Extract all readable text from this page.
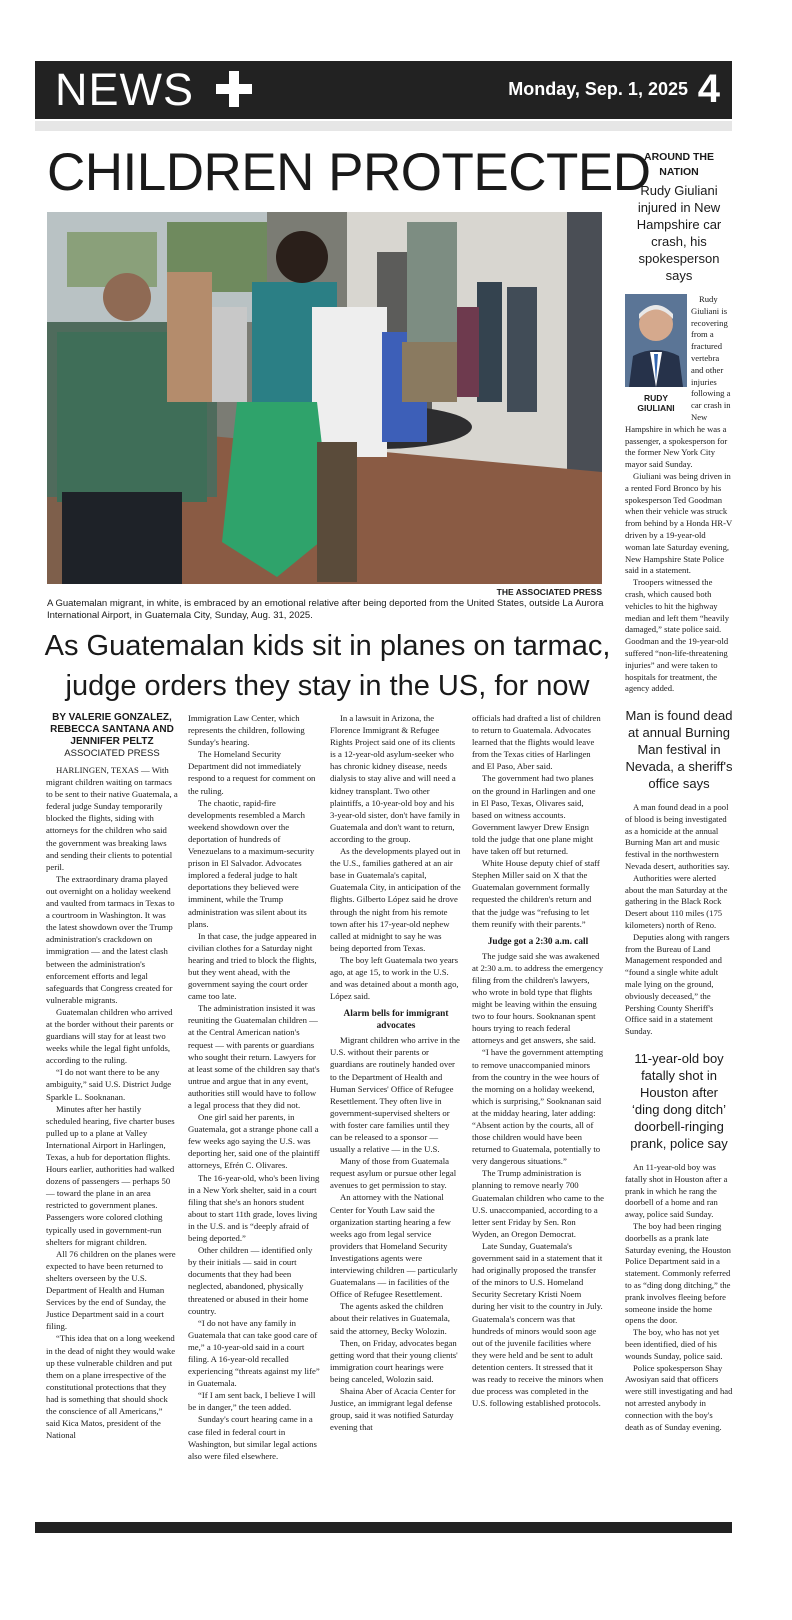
NEWS	Monday, Sep. 1, 2025 4
CHILDREN PROTECTED
THE ASSOCIATED PRESS
A Guatemalan migrant, in white, is embraced by an emotional relative after being deported from the United States, outside La Aurora International Airport, in Guatemala City, Sunday, Aug. 31, 2025.
As Guatemalan kids sit in planes on tarmac,
judge orders they stay in the US, for now
BY VALERIE GONZALEZ, REBECCA SANTANA AND JENNIFER PELTZ
ASSOCIATED PRESS

HARLINGEN, TEXAS — With migrant children waiting on tarmacs to be sent to their native Guatemala, a federal judge Sunday temporarily blocked the flights, siding with attorneys for the children who said the government was breaking laws and sending their clients to potential peril.

The extraordinary drama played out overnight on a holiday weekend and vaulted from tarmacs in Texas to a courtroom in Washington. It was the latest showdown over the Trump administration's crackdown on immigration — and the latest clash between the administration's enforcement efforts and legal safeguards that Congress created for vulnerable migrants.

Guatemalan children who arrived at the border without their parents or guardians will stay for at least two weeks while the legal fight unfolds, according to the ruling.

“I do not want there to be any ambiguity,” said U.S. District Judge Sparkle L. Sooknanan.

Minutes after her hastily scheduled hearing, five charter buses pulled up to a plane at Valley International Airport in Harlingen, Texas, a hub for deportation flights. Hours earlier, authorities had walked dozens of passengers — perhaps 50 — toward the plane in an area restricted to government planes. Passengers wore colored clothing typically used in government-run shelters for migrant children.

All 76 children on the planes were expected to have been returned to shelters overseen by the U.S. Department of Health and Human Services by the end of Sunday, the Justice Department said in a court filing.

“This idea that on a long weekend in the dead of night they would wake up these vulnerable children and put them on a plane irrespective of the constitutional protections that they had is something that should shock the conscience of all Americans,” said Kica Matos, president of the National

Immigration Law Center, which represents the children, following Sunday's hearing.

The Homeland Security Department did not immediately respond to a request for comment on the ruling.

The chaotic, rapid-fire developments resembled a March weekend showdown over the deportation of hundreds of Venezuelans to a maximum-security prison in El Salvador. Advocates implored a federal judge to halt deportations they believed were imminent, while the Trump administration was silent about its plans.

In that case, the judge appeared in civilian clothes for a Saturday night hearing and tried to block the flights, but they went ahead, with the government saying the court order came too late.

The administration insisted it was reuniting the Guatemalan children — at the Central American nation's request — with parents or guardians who sought their return. Lawyers for at least some of the children say that's untrue and argue that in any event, authorities still would have to follow a legal process that they did not.

One girl said her parents, in Guatemala, got a strange phone call a few weeks ago saying the U.S. was deporting her, said one of the plaintiff attorneys, Efrén C. Olivares.

The 16-year-old, who's been living in a New York shelter, said in a court filing that she's an honors student about to start 11th grade, loves living in the U.S. and is “deeply afraid of being deported.”

Other children — identified only by their initials — said in court documents that they had been neglected, abandoned, physically threatened or abused in their home country.

“I do not have any family in Guatemala that can take good care of me,” a 10-year-old said in a court filing. A 16-year-old recalled experiencing “threats against my life” in Guatemala.

“If I am sent back, I believe I will be in danger,” the teen added.

Sunday's court hearing came in a case filed in federal court in Washington, but similar legal actions also were filed elsewhere.

In a lawsuit in Arizona, the Florence Immigrant & Refugee Rights Project said one of its clients is a 12-year-old asylum-seeker who has chronic kidney disease, needs dialysis to stay alive and will need a kidney transplant. Two other plaintiffs, a 10-year-old boy and his 3-year-old sister, don't have family in Guatemala and don't want to return, according to the group.

As the developments played out in the U.S., families gathered at an air base in Guatemala's capital, Guatemala City, in anticipation of the flights. Gilberto López said he drove through the night from his remote town after his 17-year-old nephew called at midnight to say he was being deported from Texas.

The boy left Guatemala two years ago, at age 15, to work in the U.S. and was detained about a month ago, López said.

Alarm bells for immigrant advocates

Migrant children who arrive in the U.S. without their parents or guardians are routinely handed over to the Department of Health and Human Services' Office of Refugee Resettlement. They often live in government-supervised shelters or with foster care families until they can be released to a sponsor — usually a relative — in the U.S.

Many of those from Guatemala request asylum or pursue other legal avenues to get permission to stay.

An attorney with the National Center for Youth Law said the organization starting hearing a few weeks ago from legal service providers that Homeland Security Investigations agents were interviewing children — particularly Guatemalans — in facilities of the Office of Refugee Resettlement.

The agents asked the children about their relatives in Guatemala, said the attorney, Becky Wolozin.

Then, on Friday, advocates began getting word that their young clients' immigration court hearings were being canceled, Wolozin said.

Shaina Aber of Acacia Center for Justice, an immigrant legal defense group, said it was notified Saturday evening that

officials had drafted a list of children to return to Guatemala. Advocates learned that the flights would leave from the Texas cities of Harlingen and El Paso, Aber said.

The government had two planes on the ground in Harlingen and one in El Paso, Texas, Olivares said, based on witness accounts. Government lawyer Drew Ensign told the judge that one plane might have taken off but returned.

White House deputy chief of staff Stephen Miller said on X that the Guatemalan government formally requested the children's return and that the judge was “refusing to let them reunify with their parents.”

Judge got a 2:30 a.m. call

The judge said she was awakened at 2:30 a.m. to address the emergency filing from the children's lawyers, who wrote in bold type that flights might be leaving within the ensuing two to four hours. Sooknanan spent hours trying to reach federal attorneys and get answers, she said.

“I have the government attempting to remove unaccompanied minors from the country in the wee hours of the morning on a holiday weekend, which is surprising,” Sooknanan said at the midday hearing, later adding: “Absent action by the courts, all of those children would have been returned to Guatemala, potentially to very dangerous situations.”

The Trump administration is planning to remove nearly 700 Guatemalan children who came to the U.S. unaccompanied, according to a letter sent Friday by Sen. Ron Wyden, an Oregon Democrat.

Late Sunday, Guatemala's government said in a statement that it had originally proposed the transfer of the minors to U.S. Homeland Security Secretary Kristi Noem during her visit to the country in July. Guatemala's concern was that hundreds of minors would soon age out of the juvenile facilities where they were held and be sent to adult detention centers. It stressed that it was ready to receive the minors when due process was completed in the U.S. following established protocols.

AROUND THE NATION
Rudy Giuliani injured in New Hampshire car crash, his spokesperson says
RUDY GIULIANI

Rudy Giuliani is recovering from a fractured vertebra and other injuries following a car crash in New Hampshire in which he was a passenger, a spokesperson for the former New York City mayor said Sunday.

Giuliani was being driven in a rented Ford Bronco by his spokesperson Ted Goodman when their vehicle was struck from behind by a Honda HR-V driven by a 19-year-old woman late Saturday evening, New Hampshire State Police said in a statement.

Troopers witnessed the crash, which caused both vehicles to hit the highway median and left them “heavily damaged,” state police said. Goodman and the 19-year-old suffered “non-life-threatening injuries” and were taken to hospitals for treatment, the agency added.

Man is found dead at annual Burning Man festival in Nevada, a sheriff's office says

A man found dead in a pool of blood is being investigated as a homicide at the annual Burning Man art and music festival in the northwestern Nevada desert, authorities say.

Authorities were alerted about the man Saturday at the gathering in the Black Rock Desert about 110 miles (175 kilometers) north of Reno.

Deputies along with rangers from the Bureau of Land Management responded and “found a single white adult male lying on the ground, obviously deceased,” the Pershing County Sheriff's Office said in a statement Sunday.

11-year-old boy fatally shot in Houston after ‘ding dong ditch’ doorbell-ringing prank, police say

An 11-year-old boy was fatally shot in Houston after a prank in which he rang the doorbell of a home and ran away, police said Sunday.

The boy had been ringing doorbells as a prank late Saturday evening, the Houston Police Department said in a statement. Commonly referred to as “ding dong ditching,” the prank involves fleeing before someone inside the home opens the door.

The boy, who has not yet been identified, died of his wounds Sunday, police said.

Police spokesperson Shay Awosiyan said that officers were still investigating and had not arrested anybody in connection with the boy's death as of Sunday evening.
